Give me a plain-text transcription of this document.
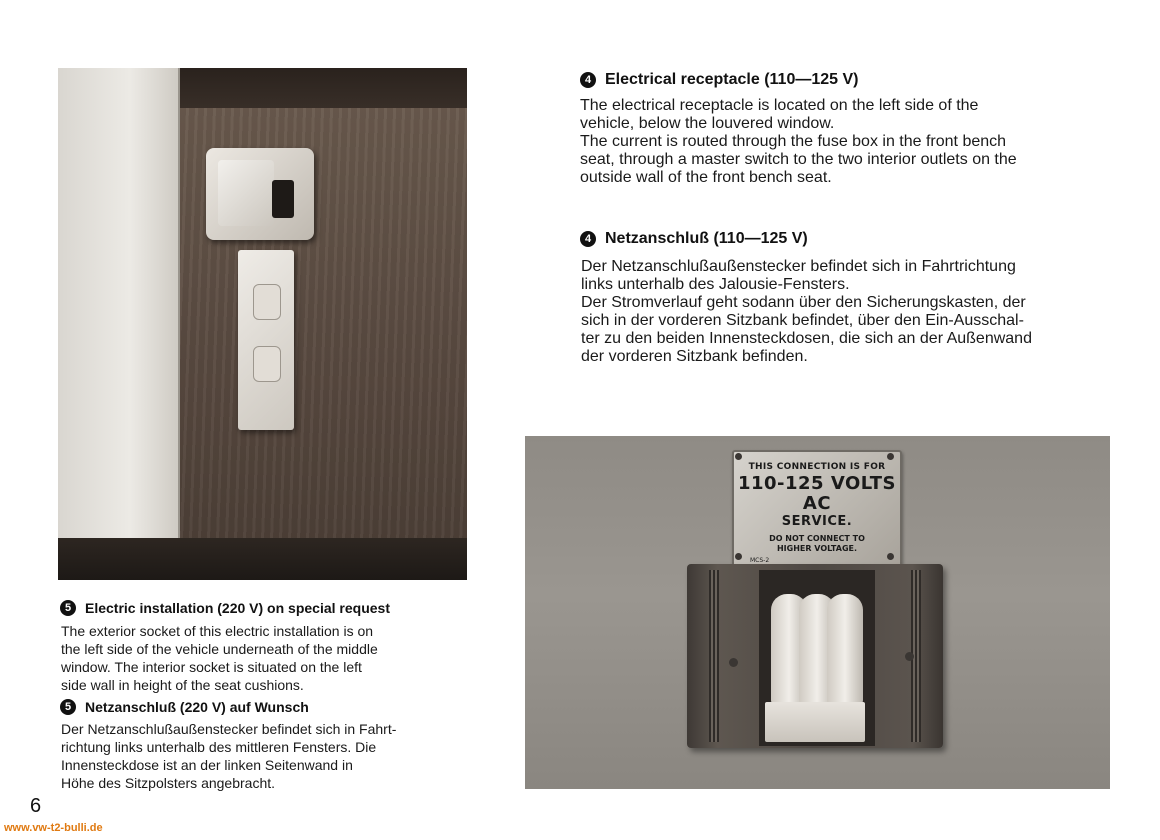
THIS CONNECTION IS FOR
110-125 VOLTS AC
SERVICE.
DO NOT CONNECT TO
HIGHER VOLTAGE.
MCS-2
4 Electrical receptacle (110—125 V)

The electrical receptacle is located on the left side of the

vehicle, below the louvered window.

The current is routed through the fuse box in the front bench

seat, through a master switch to the two interior outlets on the

outside wall of the front bench seat.

4 Netzanschluß (110—125 V)

Der Netzanschlußaußenstecker befindet sich in Fahrtrichtung

links unterhalb des Jalousie-Fensters.

Der Stromverlauf geht sodann über den Sicherungskasten, der

sich in der vorderen Sitzbank befindet, über den Ein-Ausschal-

ter zu den beiden Innensteckdosen, die sich an der Außenwand

der vorderen Sitzbank befinden.

5 Electric installation (220 V) on special request

The exterior socket of this electric installation is on

the left side of the vehicle underneath of the middle

window. The interior socket is situated on the left

side wall in height of the seat cushions.

5 Netzanschluß (220 V) auf Wunsch

Der Netzanschlußaußenstecker befindet sich in Fahrt-

richtung links unterhalb des mittleren Fensters. Die

Innensteckdose ist an der linken Seitenwand in

Höhe des Sitzpolsters angebracht.

6
www.vw-t2-bulli.de
